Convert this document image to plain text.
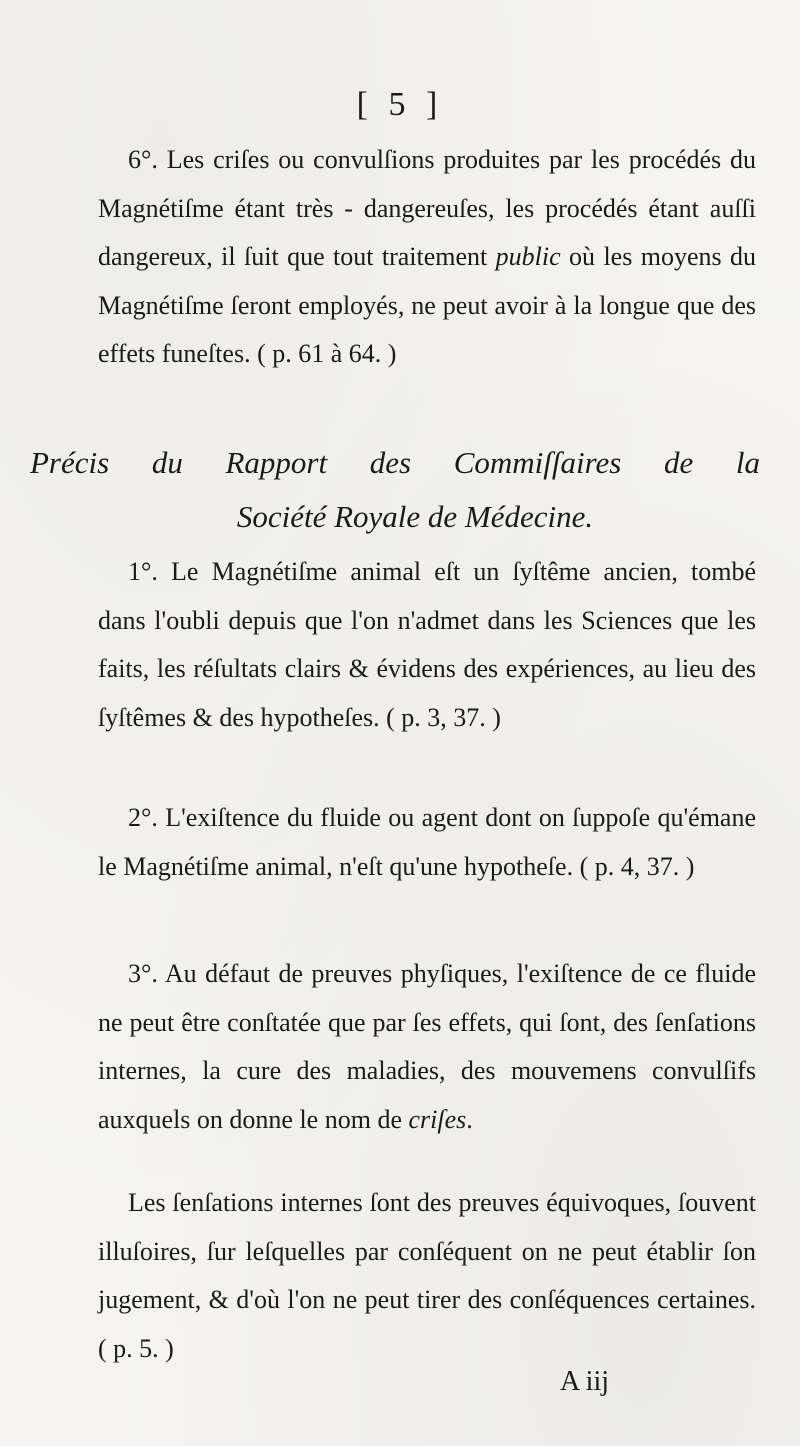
[ 5 ]

6°. Les criſes ou convulſions produites par les procédés du Magnétiſme étant très - dangereuſes, les procédés étant auſſi dangereux, il ſuit que tout traitement public où les moyens du Magnétiſme ſeront employés, ne peut avoir à la longue que des effets funeſtes. ( p. 61 à 64. )

Précis du Rapport des Commiſſaires de la
Société Royale de Médecine.

1°. Le Magnétiſme animal eſt un ſyſtême ancien, tombé dans l'oubli depuis que l'on n'admet dans les Sciences que les faits, les réſultats clairs & évidens des expériences, au lieu des ſyſtêmes & des hypotheſes. ( p. 3, 37. )

2°. L'exiſtence du fluide ou agent dont on ſuppoſe qu'émane le Magnétiſme animal, n'eſt qu'une hypotheſe. ( p. 4, 37. )

3°. Au défaut de preuves phyſiques, l'exiſtence de ce fluide ne peut être conſtatée que par ſes effets, qui ſont, des ſenſations internes, la cure des maladies, des mouvemens convulſifs auxquels on donne le nom de criſes.

Les ſenſations internes ſont des preuves équivoques, ſouvent illuſoires, ſur leſquelles par conſéquent on ne peut établir ſon jugement, & d'où l'on ne peut tirer des conſéquences certaines. ( p. 5. )

A iij
